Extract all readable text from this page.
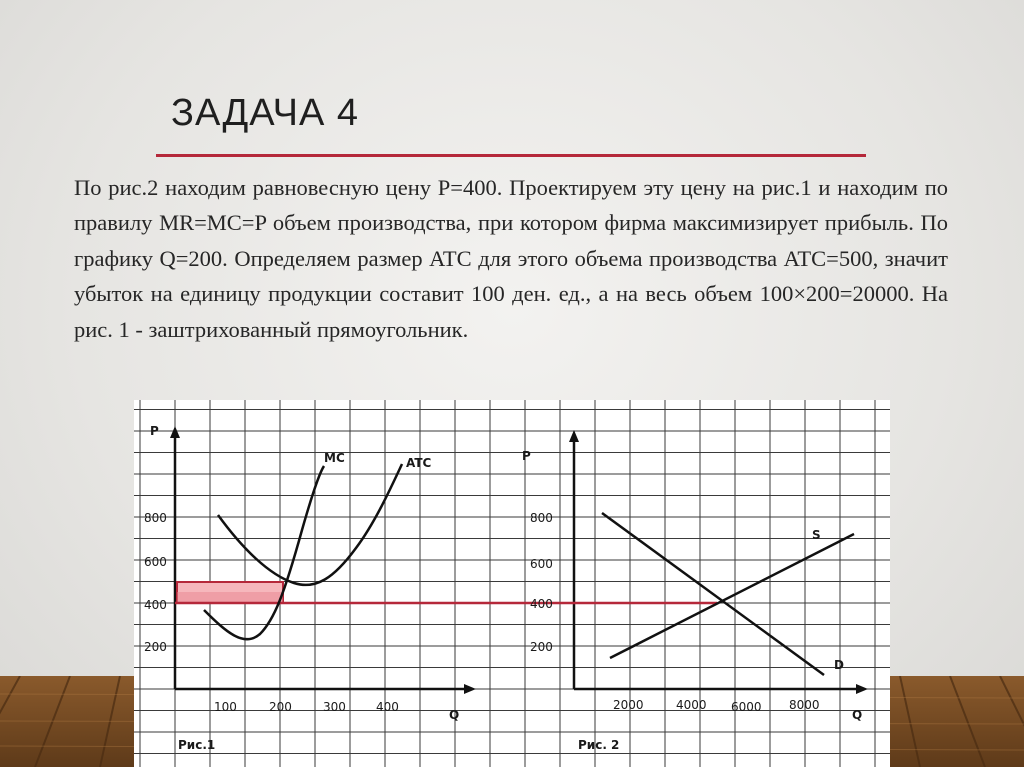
ЗАДАЧА 4

По рис.2 находим равновесную цену P=400. Проектируем эту цену на рис.1 и находим по правилу MR=MC=P объем производства, при котором фирма максимизирует прибыль. По графику Q=200. Определяем размер ATC для этого объема производства ATC=500, значит убыток на единицу продукции составит 100 ден. ед., а на весь объем 100×200=20000. На рис. 1 - заштрихованный прямоугольник.

P
800
600
400
200
100	200	300	400
Q
MC	ATC
Рис.1
P
800
600
400
200
2000	4000 6000 8000
Q
S
D
Рис. 2
